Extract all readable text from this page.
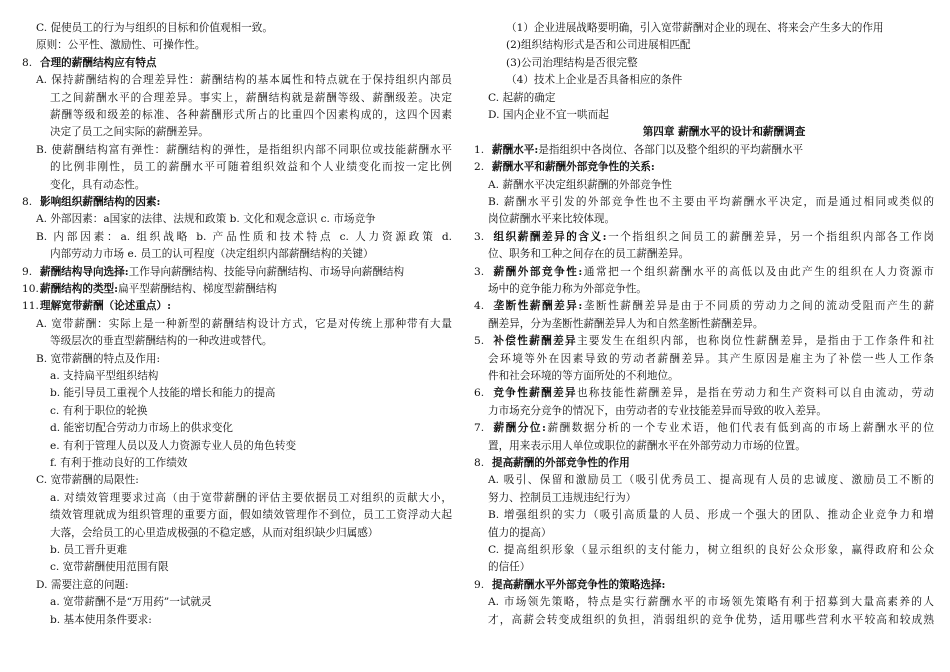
C. 促使员工的行为与组织的目标和价值观相一致。
原则：公平性、激励性、可操作性。
8. 合理的薪酬结构应有特点
A. 保持薪酬结构的合理差异性：薪酬结构的基本属性和特点就在于保持组织内部员
工之间薪酬水平的合理差异。事实上，薪酬结构就是薪酬等级、薪酬级差。决定
薪酬等级和级差的标准、各种薪酬形式所占的比重四个因素构成的，这四个因素
决定了员工之间实际的薪酬差异。
B. 使薪酬结构富有弹性：薪酬结构的弹性，是指组织内部不同职位或技能薪酬水平
的比例非刚性，员工的薪酬水平可随着组织效益和个人业绩变化而按一定比例
变化，具有动态性。
8. 影响组织薪酬结构的因素:
A. 外部因素：a国家的法律、法规和政策 b. 文化和观念意识 c. 市场竞争
B. 内部因素：a. 组织战略 b. 产品性质和技术特点 c. 人力资源政策 d.
内部劳动力市场 e. 员工的认可程度（决定组织内部薪酬结构的关键）
9. 薪酬结构导向选择:工作导向薪酬结构、技能导向薪酬结构、市场导向薪酬结构
10.薪酬结构的类型:扁平型薪酬结构、梯度型薪酬结构
11.理解宽带薪酬（论述重点）:
A. 宽带薪酬：实际上是一种新型的薪酬结构设计方式，它是对传统上那种带有大量
等级层次的垂直型薪酬结构的一种改进或替代。
B. 宽带薪酬的特点及作用:
a. 支持扁平型组织结构
b. 能引导员工重视个人技能的增长和能力的提高
c. 有利于职位的轮换
d. 能密切配合劳动力市场上的供求变化
e. 有利于管理人员以及人力资源专业人员的角色转变
f. 有利于推动良好的工作绩效
C. 宽带薪酬的局限性:
a. 对绩效管理要求过高（由于宽带薪酬的评估主要依据员工对组织的贡献大小，
绩效管理就成为组织管理的重要方面，假如绩效管理作不到位，员工工资浮动大起
大落，会给员工的心里造成极强的不稳定感，从而对组织缺少归属感）
b. 员工晋升更难
c. 宽带薪酬使用范围有限
D. 需要注意的问题:
a. 宽带薪酬不是“万用药”一试就灵
b. 基本使用条件要求:
（1）企业进展战略要明确，引入宽带薪酬对企业的现在、将来会产生多大的作用
(2)组织结构形式是否和公司进展相匹配
(3)公司治理结构是否很完整
（4）技术上企业是否具备相应的条件
C. 起薪的确定
D. 国内企业不宜一哄而起
第四章 薪酬水平的设计和薪酬调查
1. 薪酬水平:是指组织中各岗位、各部门以及整个组织的平均薪酬水平
2. 薪酬水平和薪酬外部竞争性的关系:
A. 薪酬水平决定组织薪酬的外部竞争性
B. 薪酬水平引发的外部竞争性也不主要由平均薪酬水平决定，而是通过相同或类似的
岗位薪酬水平来比较体现。
3. 组织薪酬差异的含义:一个指组织之间员工的薪酬差异，另一个指组织内部各工作岗
位、职务和工种之间存在的员工薪酬差异。
3. 薪酬外部竞争性:通常把一个组织薪酬水平的高低以及由此产生的组织在人力资源市
场中的竞争能力称为外部竞争性。
4. 垄断性薪酬差异:垄断性薪酬差异是由于不同质的劳动力之间的流动受阻而产生的薪
酬差异，分为垄断性薪酬差异人为和自然垄断性薪酬差异。
5. 补偿性薪酬差异主要发生在组织内部，也称岗位性薪酬差异，是指由于工作条件和社
会环境等外在因素导致的劳动者薪酬差异。其产生原因是雇主为了补偿一些人工作条
件和社会环境的等方面所处的不利地位。
6. 竞争性薪酬差异也称技能性薪酬差异，是指在劳动力和生产资料可以自由流动，劳动
力市场充分竞争的情况下，由劳动者的专业技能差异而导致的收入差异。
7. 薪酬分位:薪酬数据分析的一个专业术语，他们代表有低到高的市场上薪酬水平的位
置，用来表示用人单位或职位的薪酬水平在外部劳动力市场的位置。
8. 提高薪酬的外部竞争性的作用
A. 吸引、保留和激励员工（吸引优秀员工、提高现有人员的忠诚度、激励员工不断的
努力、控制员工违规违纪行为）
B. 增强组织的实力（吸引高质量的人员、形成一个强大的团队、推动企业竞争力和增
值力的提高）
C. 提高组织形象（显示组织的支付能力，树立组织的良好公众形象，赢得政府和公众
的信任）
9. 提高薪酬水平外部竞争性的策略选择:
A. 市场领先策略，特点是实行薪酬水平的市场领先策略有利于招募到大量高素养的人
才，高薪会转变成组织的负担，消弱组织的竞争优势，适用哪些营利水平较高和较成熟
